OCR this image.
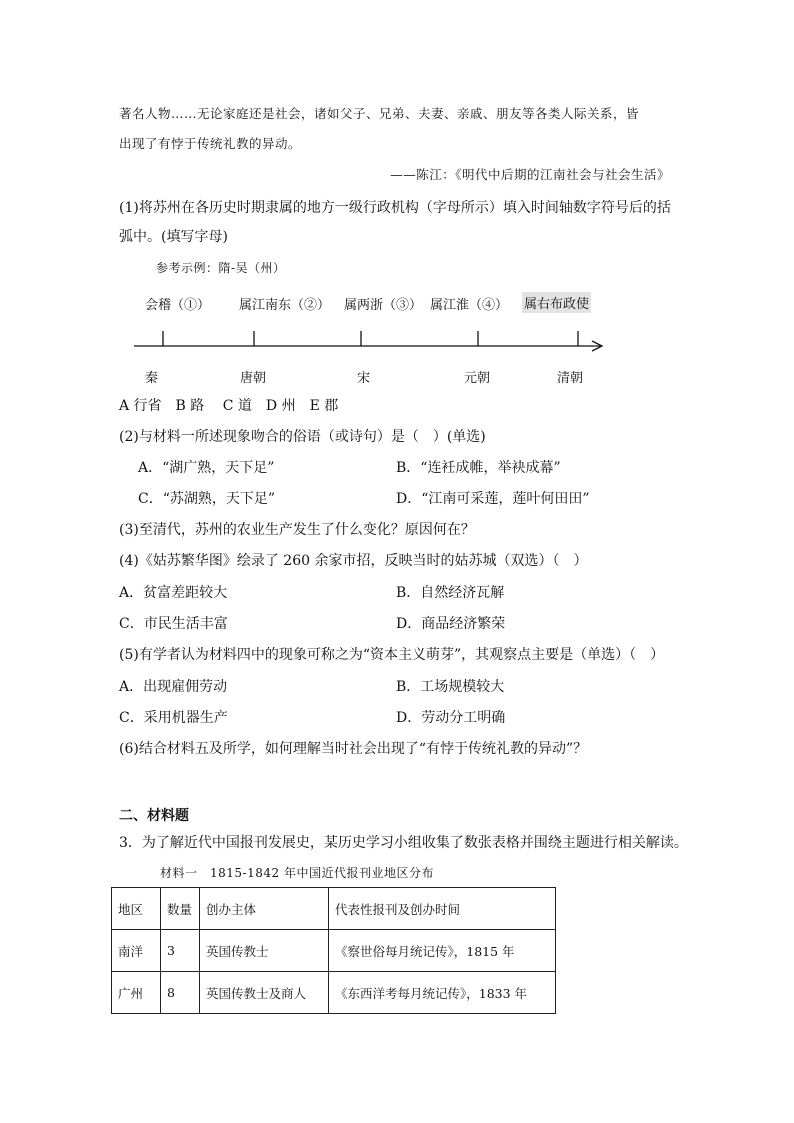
著名人物……无论家庭还是社会，诸如父子、兄弟、夫妻、亲戚、朋友等各类人际关系，皆
出现了有悖于传统礼教的异动。
——陈江：《明代中后期的江南社会与社会生活》
(1)将苏州在各历史时期隶属的地方一级行政机构（字母所示）填入时间轴数字符号后的括
弧中。(填写字母)
参考示例：隋-吴（州）
会稽（①） 属江南东（②） 属两浙（③） 属江淮（④） 属右布政使
秦	唐朝	宋	元朝	清朝
A 行省　B 路　 C 道　D 州　E 郡
(2)与材料一所述现象吻合的俗语（或诗句）是（　）(单选)
A．“湖广熟，天下足”	B．“连衽成帷，举袂成幕”
C．“苏湖熟，天下足”	D．“江南可采莲，莲叶何田田”
(3)至清代，苏州的农业生产发生了什么变化？原因何在？
(4)《姑苏繁华图》绘录了 260 余家市招，反映当时的姑苏城（双选）（　）
A．贫富差距较大	B．自然经济瓦解
C．市民生活丰富	D．商品经济繁荣
(5)有学者认为材料四中的现象可称之为“资本主义萌芽”，其观察点主要是（单选）（　）
A．出现雇佣劳动	B．工场规模较大
C．采用机器生产	D．劳动分工明确
(6)结合材料五及所学，如何理解当时社会出现了“有悖于传统礼教的异动”？
二、材料题
3．为了解近代中国报刊发展史，某历史学习小组收集了数张表格并围绕主题进行相关解读。
材料一　1815-1842 年中国近代报刊业地区分布
地区	数量	创办主体	代表性报刊及创办时间
南洋	3	英国传教士	《察世俗每月统记传》，1815 年
广州	8	英国传教士及商人	《东西洋考每月统记传》，1833 年
